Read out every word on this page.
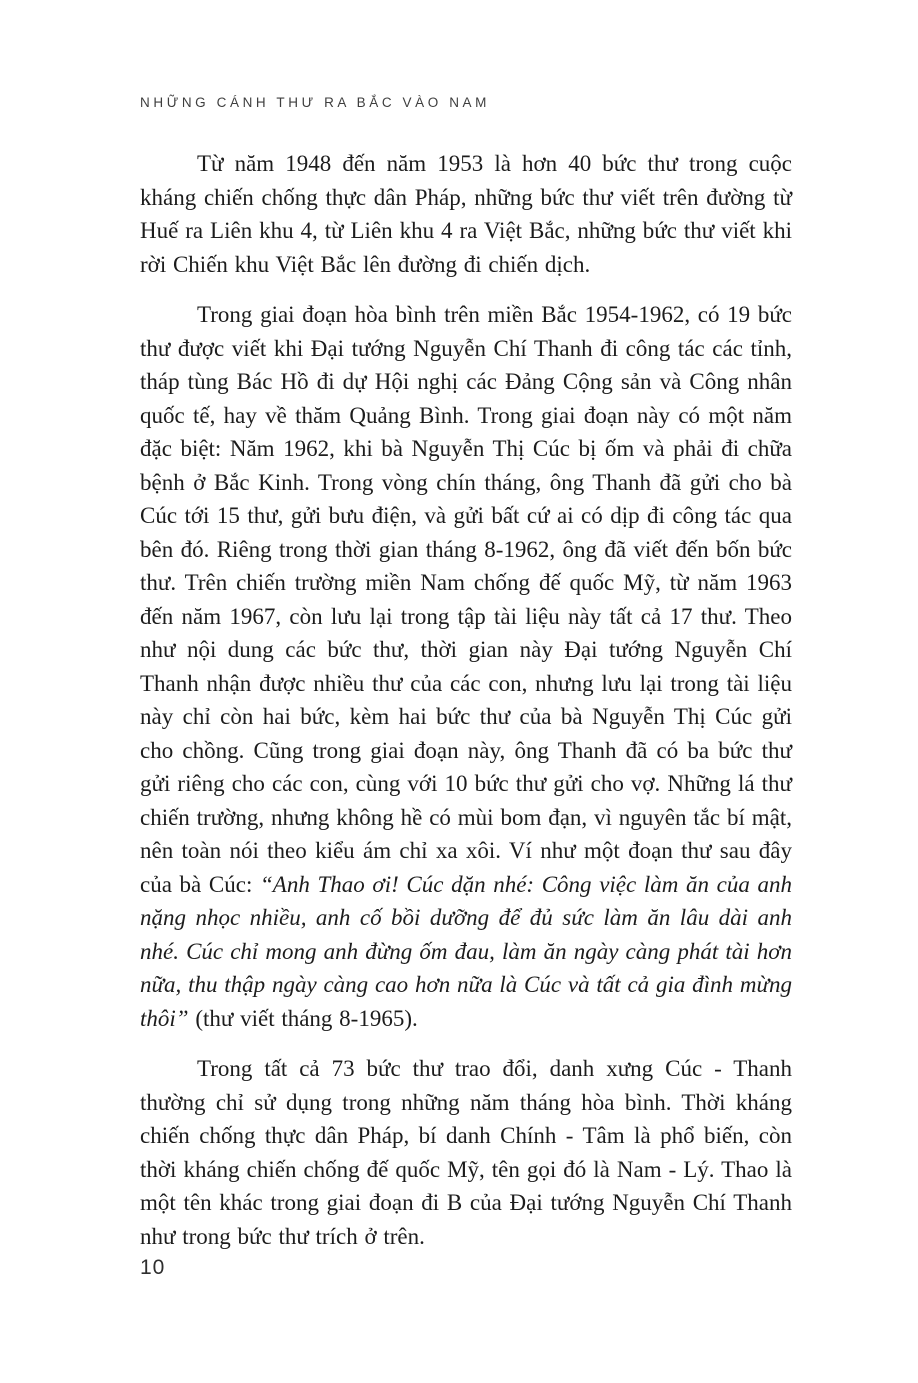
NHỮNG CÁNH THƯ RA BẮC VÀO NAM

Từ năm 1948 đến năm 1953 là hơn 40 bức thư trong cuộc kháng chiến chống thực dân Pháp, những bức thư viết trên đường từ Huế ra Liên khu 4, từ Liên khu 4 ra Việt Bắc, những bức thư viết khi rời Chiến khu Việt Bắc lên đường đi chiến dịch.

Trong giai đoạn hòa bình trên miền Bắc 1954-1962, có 19 bức thư được viết khi Đại tướng Nguyễn Chí Thanh đi công tác các tỉnh, tháp tùng Bác Hồ đi dự Hội nghị các Đảng Cộng sản và Công nhân quốc tế, hay về thăm Quảng Bình. Trong giai đoạn này có một năm đặc biệt: Năm 1962, khi bà Nguyễn Thị Cúc bị ốm và phải đi chữa bệnh ở Bắc Kinh. Trong vòng chín tháng, ông Thanh đã gửi cho bà Cúc tới 15 thư, gửi bưu điện, và gửi bất cứ ai có dịp đi công tác qua bên đó. Riêng trong thời gian tháng 8-1962, ông đã viết đến bốn bức thư. Trên chiến trường miền Nam chống đế quốc Mỹ, từ năm 1963 đến năm 1967, còn lưu lại trong tập tài liệu này tất cả 17 thư. Theo như nội dung các bức thư, thời gian này Đại tướng Nguyễn Chí Thanh nhận được nhiều thư của các con, nhưng lưu lại trong tài liệu này chỉ còn hai bức, kèm hai bức thư của bà Nguyễn Thị Cúc gửi cho chồng. Cũng trong giai đoạn này, ông Thanh đã có ba bức thư gửi riêng cho các con, cùng với 10 bức thư gửi cho vợ. Những lá thư chiến trường, nhưng không hề có mùi bom đạn, vì nguyên tắc bí mật, nên toàn nói theo kiểu ám chỉ xa xôi. Ví như một đoạn thư sau đây của bà Cúc: “Anh Thao ơi! Cúc dặn nhé: Công việc làm ăn của anh nặng nhọc nhiều, anh cố bồi dưỡng để đủ sức làm ăn lâu dài anh nhé. Cúc chỉ mong anh đừng ốm đau, làm ăn ngày càng phát tài hơn nữa, thu thập ngày càng cao hơn nữa là Cúc và tất cả gia đình mừng thôi” (thư viết tháng 8-1965).

Trong tất cả 73 bức thư trao đổi, danh xưng Cúc - Thanh thường chỉ sử dụng trong những năm tháng hòa bình. Thời kháng chiến chống thực dân Pháp, bí danh Chính - Tâm là phổ biến, còn thời kháng chiến chống đế quốc Mỹ, tên gọi đó là Nam - Lý. Thao là một tên khác trong giai đoạn đi B của Đại tướng Nguyễn Chí Thanh như trong bức thư trích ở trên.

10
